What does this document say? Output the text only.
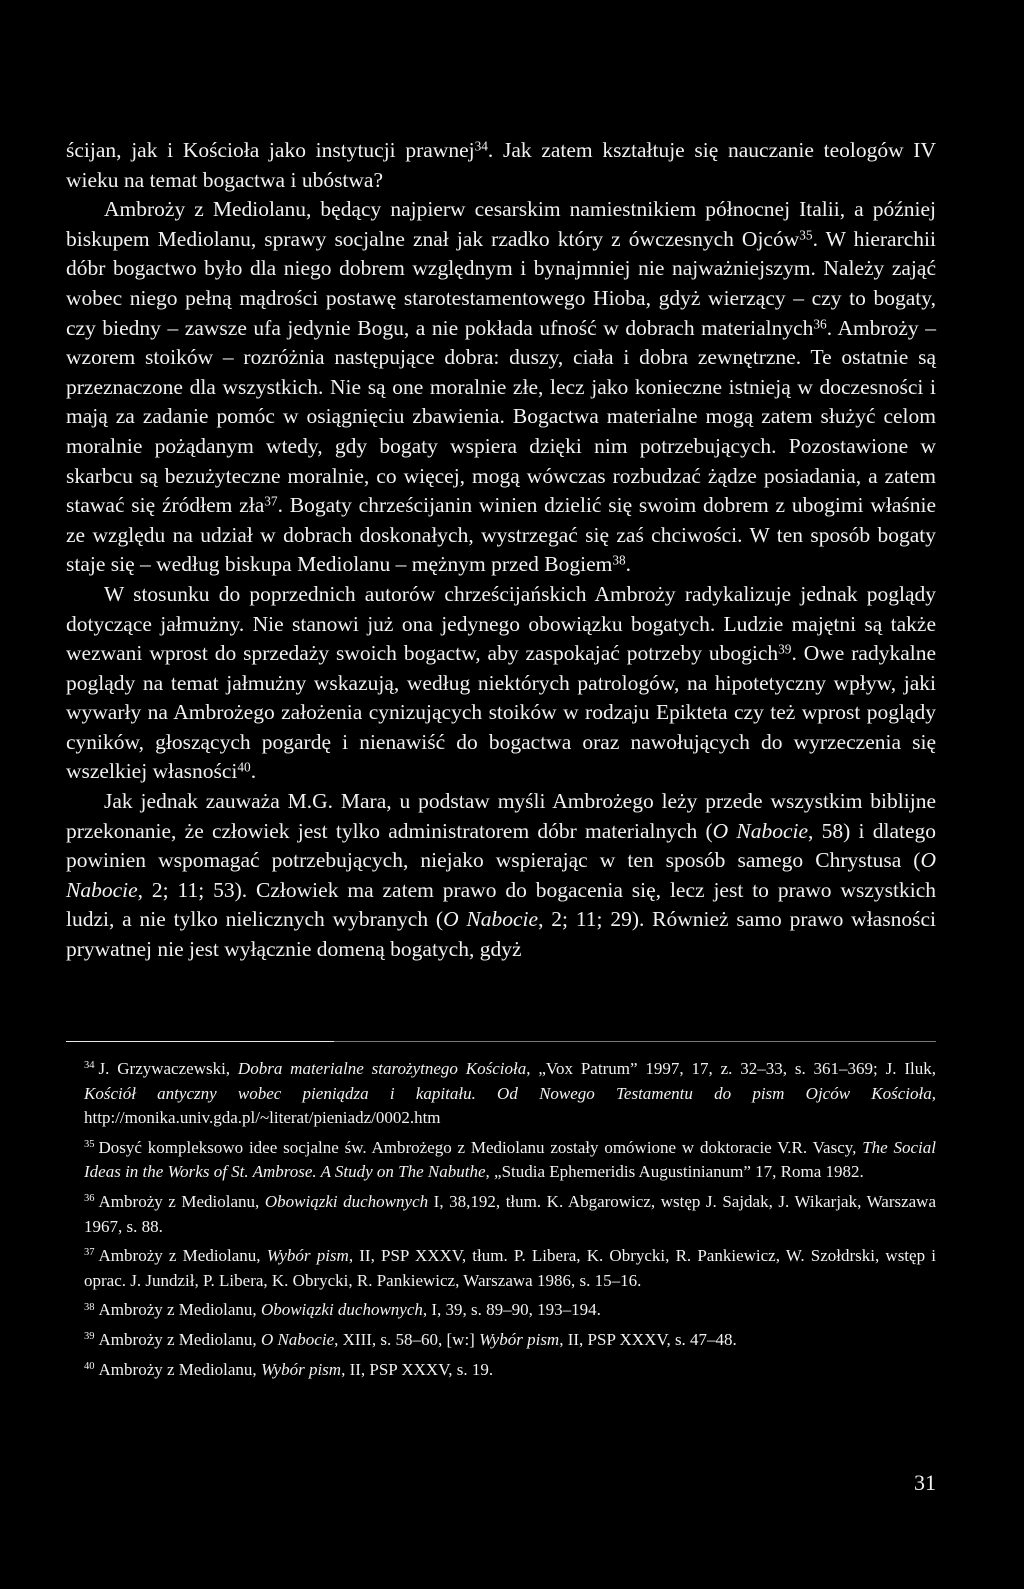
ścijan, jak i Kościoła jako instytucji prawnej$^{34}$. Jak zatem kształtuje się nauczanie teologów IV wieku na temat bogactwa i ubóstwa?

Ambroży z Mediolanu, będący najpierw cesarskim namiestnikiem północnej Italii, a później biskupem Mediolanu, sprawy socjalne znał jak rzadko który z ówczesnych Ojców$^{35}$. W hierarchii dóbr bogactwo było dla niego dobrem względnym i bynajmniej nie najważniejszym. Należy zająć wobec niego pełną mądrości postawę starotestamentowego Hioba, gdyż wierzący – czy to bogaty, czy biedny – zawsze ufa jedynie Bogu, a nie pokłada ufność w dobrach materialnych$^{36}$. Ambroży – wzorem stoików – rozróżnia następujące dobra: duszy, ciała i dobra zewnętrzne. Te ostatnie są przeznaczone dla wszystkich. Nie są one moralnie złe, lecz jako konieczne istnieją w doczesności i mają za zadanie pomóc w osiągnięciu zbawienia. Bogactwa materialne mogą zatem służyć celom moralnie pożądanym wtedy, gdy bogaty wspiera dzięki nim potrzebujących. Pozostawione w skarbcu są bezużyteczne moralnie, co więcej, mogą wówczas rozbudzać żądze posiadania, a zatem stawać się źródłem zła$^{37}$. Bogaty chrześcijanin winien dzielić się swoim dobrem z ubogimi właśnie ze względu na udział w dobrach doskonałych, wystrzegać się zaś chciwości. W ten sposób bogaty staje się – według biskupa Mediolanu – mężnym przed Bogiem$^{38}$.

W stosunku do poprzednich autorów chrześcijańskich Ambroży radykalizuje jednak poglądy dotyczące jałmużny. Nie stanowi już ona jedynego obowiązku bogatych. Ludzie majętni są także wezwani wprost do sprzedaży swoich bogactw, aby zaspokajać potrzeby ubogich$^{39}$. Owe radykalne poglądy na temat jałmużny wskazują, według niektórych patrologów, na hipotetyczny wpływ, jaki wywarły na Ambrożego założenia cynizujących stoików w rodzaju Epikteta czy też wprost poglądy cyników, głoszących pogardę i nienawiść do bogactwa oraz nawołujących do wyrzeczenia się wszelkiej własności$^{40}$.

Jak jednak zauważa M.G. Mara, u podstaw myśli Ambrożego leży przede wszystkim biblijne przekonanie, że człowiek jest tylko administratorem dóbr materialnych (O Nabocie, 58) i dlatego powinien wspomagać potrzebujących, niejako wspierając w ten sposób samego Chrystusa (O Nabocie, 2; 11; 53). Człowiek ma zatem prawo do bogacenia się, lecz jest to prawo wszystkich ludzi, a nie tylko nielicznych wybranych (O Nabocie, 2; 11; 29). Również samo prawo własności prywatnej nie jest wyłącznie domeną bogatych, gdyż

$^{34}$ J. Grzywaczewski, Dobra materialne starożytnego Kościoła, „Vox Patrum” 1997, 17, z. 32–33, s. 361–369; J. Iluk, Kościół antyczny wobec pieniądza i kapitału. Od Nowego Testamentu do pism Ojców Kościoła, http://monika.univ.gda.pl/~literat/pieniadz/0002.htm
$^{35}$ Dosyć kompleksowo idee socjalne św. Ambrożego z Mediolanu zostały omówione w doktoracie V.R. Vascy, The Social Ideas in the Works of St. Ambrose. A Study on The Nabuthe, „Studia Ephemeridis Augustinianum” 17, Roma 1982.
$^{36}$ Ambroży z Mediolanu, Obowiązki duchownych I, 38,192, tłum. K. Abgarowicz, wstęp J. Sajdak, J. Wikarjak, Warszawa 1967, s. 88.
$^{37}$ Ambroży z Mediolanu, Wybór pism, II, PSP XXXV, tłum. P. Libera, K. Obrycki, R. Pankiewicz, W. Szołdrski, wstęp i oprac. J. Jundził, P. Libera, K. Obrycki, R. Pankiewicz, Warszawa 1986, s. 15–16.
$^{38}$ Ambroży z Mediolanu, Obowiązki duchownych, I, 39, s. 89–90, 193–194.
$^{39}$ Ambroży z Mediolanu, O Nabocie, XIII, s. 58–60, [w:] Wybór pism, II, PSP XXXV, s. 47–48.
$^{40}$ Ambroży z Mediolanu, Wybór pism, II, PSP XXXV, s. 19.
31
